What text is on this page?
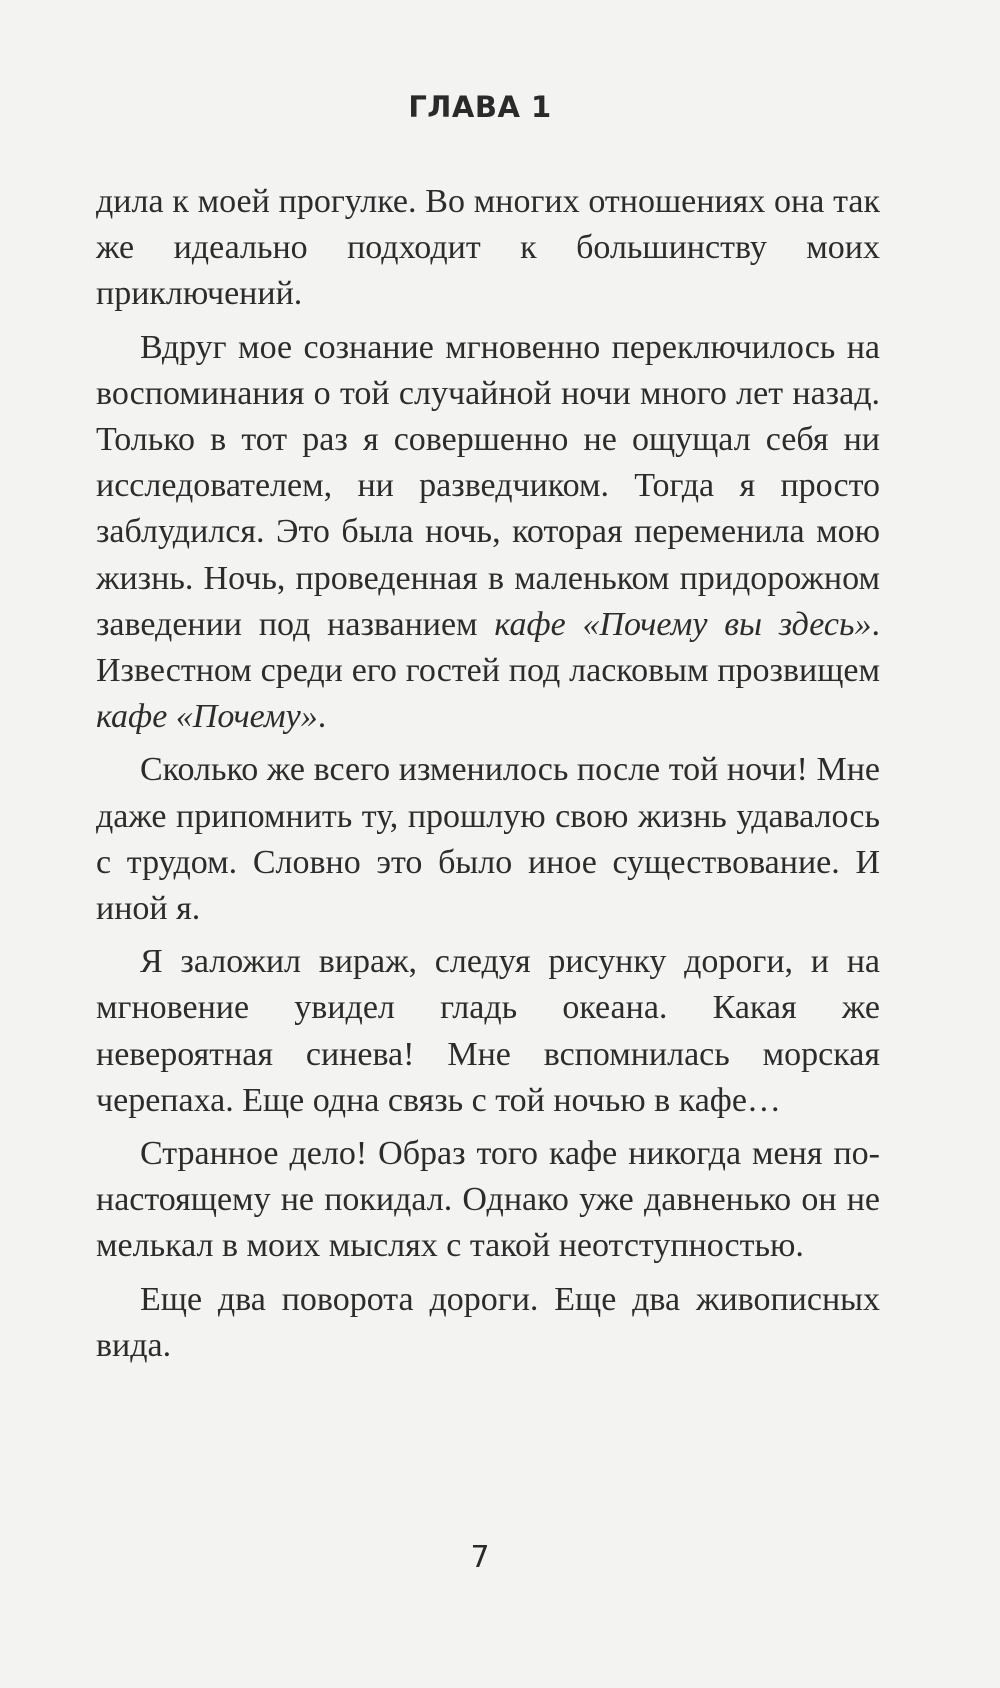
ГЛАВА 1

дила к моей прогулке. Во многих отношениях она так же идеально подходит к большинству моих приключений.

Вдруг мое сознание мгновенно переключилось на воспоминания о той случайной ночи много лет назад. Только в тот раз я совершенно не ощущал себя ни исследователем, ни разведчиком. Тогда я просто заблудился. Это была ночь, которая переменила мою жизнь. Ночь, проведенная в маленьком придорожном заведении под названием кафе «Почему вы здесь». Известном среди его гостей под ласковым прозвищем кафе «Почему».

Сколько же всего изменилось после той ночи! Мне даже припомнить ту, прошлую свою жизнь удавалось с трудом. Словно это было иное существование. И иной я.

Я заложил вираж, следуя рисунку дороги, и на мгновение увидел гладь океана. Какая же невероятная синева! Мне вспомнилась морская черепаха. Еще одна связь с той ночью в кафе…

Странное дело! Образ того кафе никогда меня по-настоящему не покидал. Однако уже давненько он не мелькал в моих мыслях с такой неотступностью.

Еще два поворота дороги. Еще два живописных вида.

7
